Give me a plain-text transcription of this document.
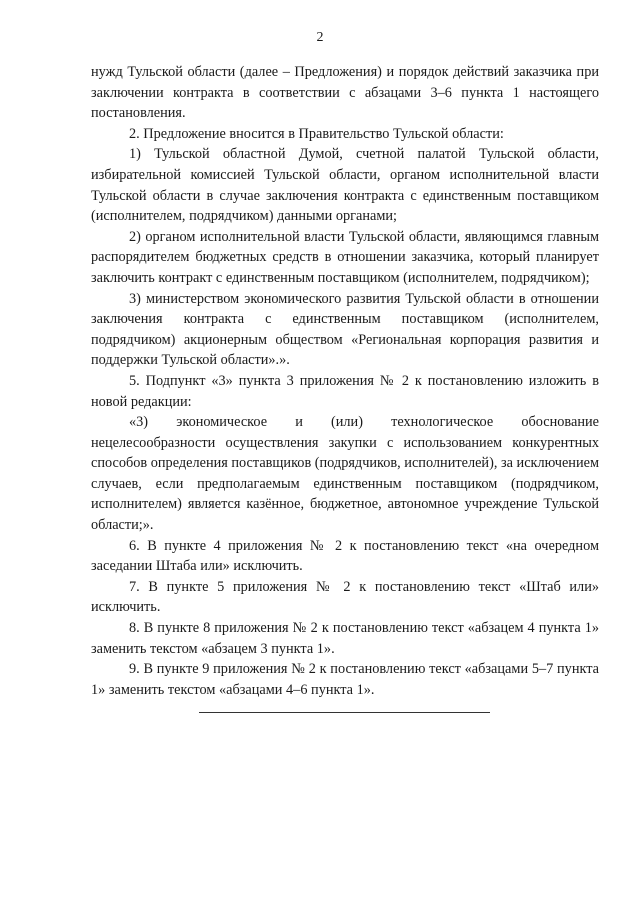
2

нужд Тульской области (далее – Предложения) и порядок действий заказчика при заключении контракта в соответствии с абзацами 3–6 пункта 1 настоящего постановления.

2. Предложение вносится в Правительство Тульской области:

1) Тульской областной Думой, счетной палатой Тульской области, избирательной комиссией Тульской области, органом исполнительной власти Тульской области в случае заключения контракта с единственным поставщиком (исполнителем, подрядчиком) данными органами;

2) органом исполнительной власти Тульской области, являющимся главным распорядителем бюджетных средств в отношении заказчика, который планирует заключить контракт с единственным поставщиком (исполнителем, подрядчиком);

3) министерством экономического развития Тульской области в отношении заключения контракта с единственным поставщиком (исполнителем, подрядчиком) акционерным обществом «Региональная корпорация развития и поддержки Тульской области».».

5. Подпункт «3» пункта 3 приложения № 2 к постановлению изложить в новой редакции:

«3) экономическое и (или) технологическое обоснование нецелесообразности осуществления закупки с использованием конкурентных способов определения поставщиков (подрядчиков, исполнителей), за исключением случаев, если предполагаемым единственным поставщиком (подрядчиком, исполнителем) является казённое, бюджетное, автономное учреждение Тульской области;».

6. В пункте 4 приложения № 2 к постановлению текст «на очередном заседании Штаба или» исключить.

7. В пункте 5 приложения № 2 к постановлению текст «Штаб или» исключить.

8. В пункте 8 приложения № 2 к постановлению текст «абзацем 4 пункта 1» заменить текстом «абзацем 3 пункта 1».

9. В пункте 9 приложения № 2 к постановлению текст «абзацами 5–7 пункта 1» заменить текстом «абзацами 4–6 пункта 1».
